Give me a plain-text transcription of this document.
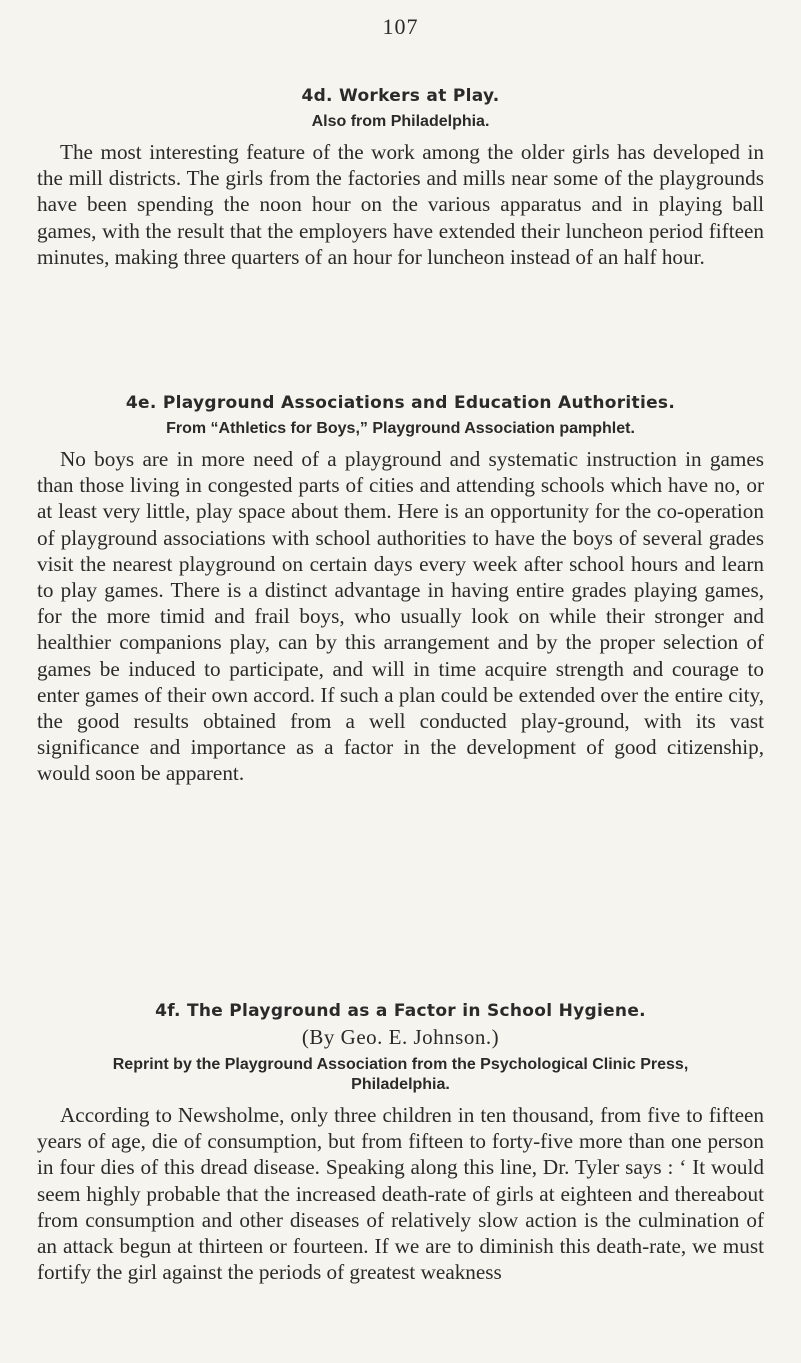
107
4d. Workers at Play.
Also from Philadelphia.

The most interesting feature of the work among the older girls has developed in the mill districts. The girls from the factories and mills near some of the playgrounds have been spending the noon hour on the various apparatus and in playing ball games, with the result that the employers have extended their luncheon period fifteen minutes, making three quarters of an hour for luncheon instead of an half hour.

4e. Playground Associations and Education Authorities.
From “Athletics for Boys,” Playground Association pamphlet.

No boys are in more need of a playground and systematic instruction in games than those living in congested parts of cities and attending schools which have no, or at least very little, play space about them. Here is an opportunity for the co-operation of playground associations with school authorities to have the boys of several grades visit the nearest playground on certain days every week after school hours and learn to play games. There is a distinct advantage in having entire grades playing games, for the more timid and frail boys, who usually look on while their stronger and healthier companions play, can by this arrangement and by the proper selection of games be induced to participate, and will in time acquire strength and courage to enter games of their own accord. If such a plan could be extended over the entire city, the good results obtained from a well conducted play-ground, with its vast significance and importance as a factor in the development of good citizenship, would soon be apparent.

4f. The Playground as a Factor in School Hygiene.
(By Geo. E. Johnson.)
Reprint by the Playground Association from the Psychological Clinic Press, Philadelphia.

According to Newsholme, only three children in ten thousand, from five to fifteen years of age, die of consumption, but from fifteen to forty-five more than one person in four dies of this dread disease. Speaking along this line, Dr. Tyler says : ‘ It would seem highly probable that the increased death-rate of girls at eighteen and thereabout from consumption and other diseases of relatively slow action is the culmination of an attack begun at thirteen or fourteen. If we are to diminish this death-rate, we must fortify the girl against the periods of greatest weakness
